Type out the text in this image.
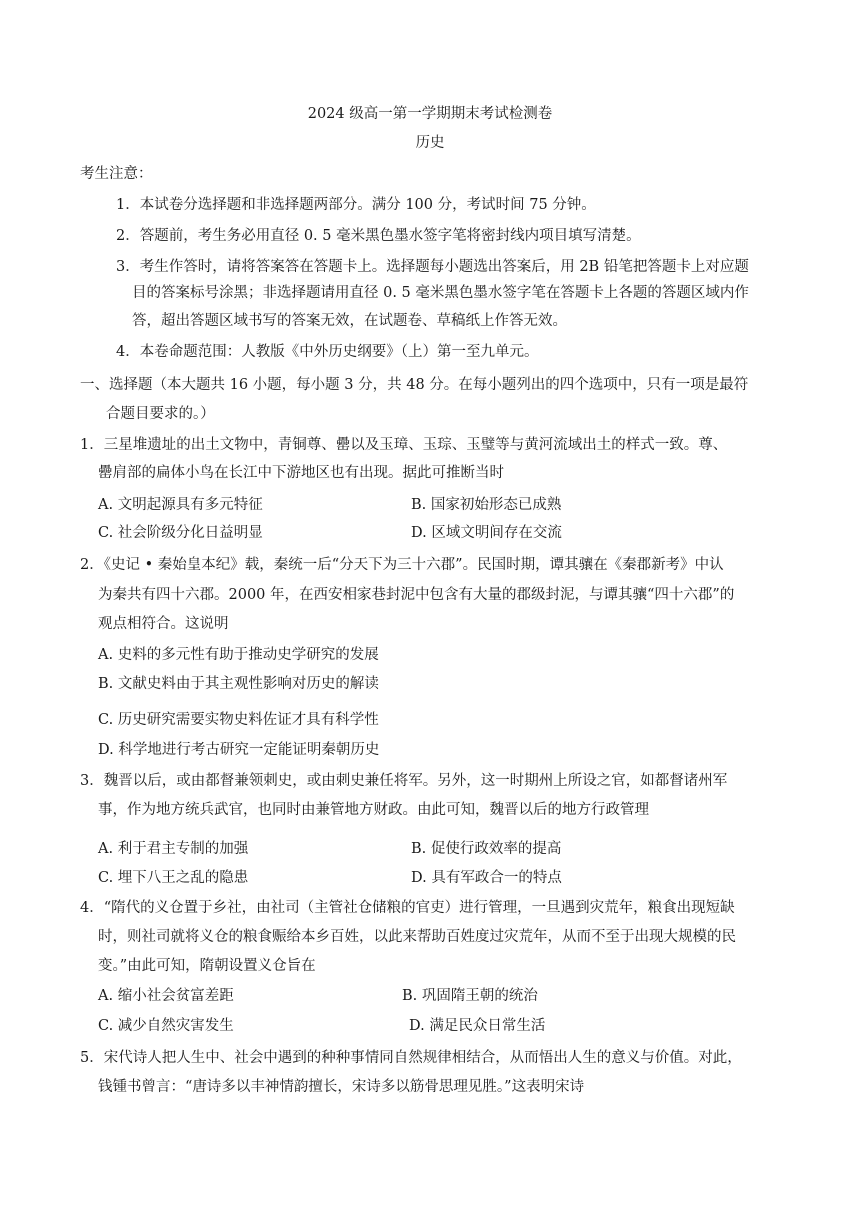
2024 级高一第一学期期末考试检测卷
历史
考生注意：
1．本试卷分选择题和非选择题两部分。满分 100 分，考试时间 75 分钟。
2．答题前，考生务必用直径 0. 5 毫米黑色墨水签字笔将密封线内项目填写清楚。
3．考生作答时，请将答案答在答题卡上。选择题每小题选出答案后，用 2B 铅笔把答题卡上对应题
目的答案标号涂黑；非选择题请用直径 0. 5 毫米黑色墨水签字笔在答题卡上各题的答题区域内作
答，超出答题区域书写的答案无效，在试题卷、草稿纸上作答无效。
4．本卷命题范围：人教版《中外历史纲要》（上）第一至九单元。
一、选择题（本大题共 16 小题，每小题 3 分，共 48 分。在每小题列出的四个选项中，只有一项是最符
合题目要求的。）
1．三星堆遗址的出土文物中，青铜尊、罍以及玉璋、玉琮、玉璧等与黄河流域出土的样式一致。尊、
罍肩部的扁体小鸟在长江中下游地区也有出现。据此可推断当时
A. 文明起源具有多元特征	B. 国家初始形态已成熟
C. 社会阶级分化日益明显	D. 区域文明间存在交流
2．《史记 • 秦始皇本纪》载，秦统一后“分天下为三十六郡”。民国时期，谭其骧在《秦郡新考》中认
为秦共有四十六郡。2000 年，在西安相家巷封泥中包含有大量的郡级封泥，与谭其骧“四十六郡”的
观点相符合。这说明
A. 史料的多元性有助于推动史学研究的发展
B. 文献史料由于其主观性影响对历史的解读
C. 历史研究需要实物史料佐证才具有科学性
D. 科学地进行考古研究一定能证明秦朝历史
3．魏晋以后，或由都督兼领刺史，或由刺史兼任将军。另外，这一时期州上所设之官，如都督诸州军
事，作为地方统兵武官，也同时由兼管地方财政。由此可知，魏晋以后的地方行政管理
A. 利于君主专制的加强	B. 促使行政效率的提高
C. 埋下八王之乱的隐患	D. 具有军政合一的特点
4．“隋代的义仓置于乡社，由社司（主管社仓储粮的官吏）进行管理，一旦遇到灾荒年，粮食出现短缺
时，则社司就将义仓的粮食赈给本乡百姓，以此来帮助百姓度过灾荒年，从而不至于出现大规模的民
变。”由此可知，隋朝设置义仓旨在
A. 缩小社会贫富差距	B. 巩固隋王朝的统治
C. 减少自然灾害发生	D. 满足民众日常生活
5．宋代诗人把人生中、社会中遇到的种种事情同自然规律相结合，从而悟出人生的意义与价值。对此，
钱锺书曾言：“唐诗多以丰神情韵擅长，宋诗多以筋骨思理见胜。”这表明宋诗
